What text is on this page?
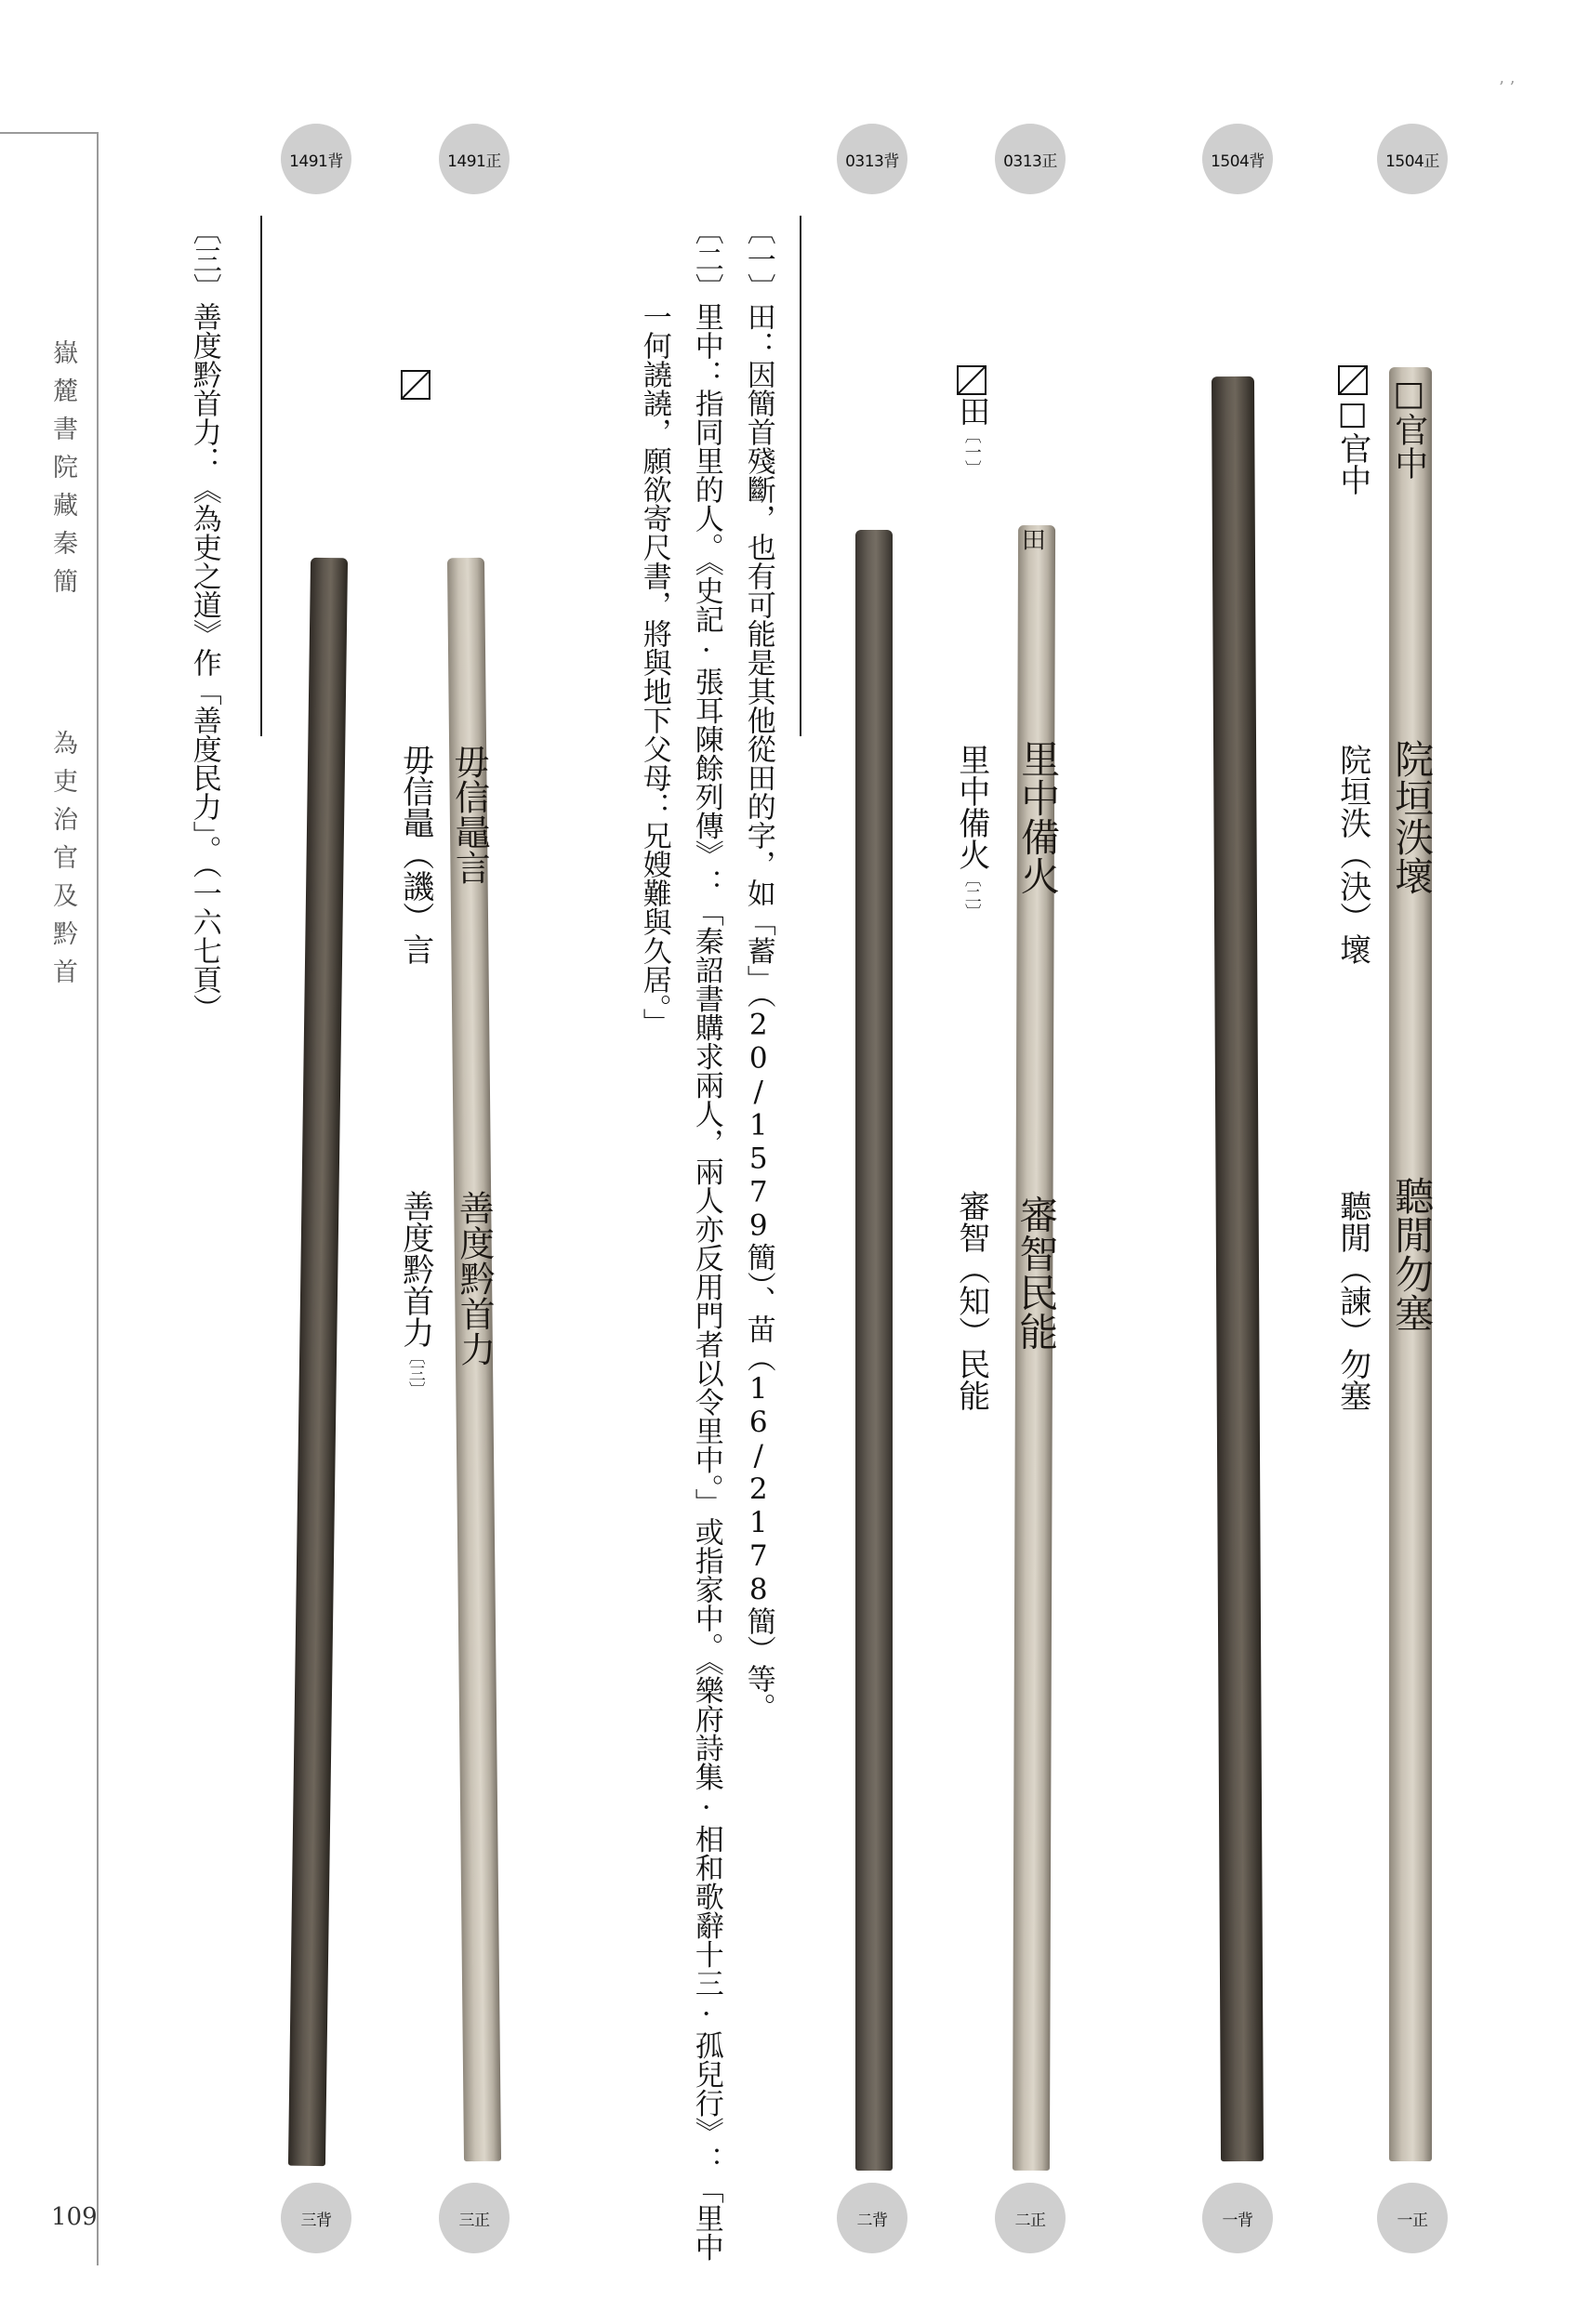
嶽麓書院藏秦簡
為吏治官及黔首
109
’ ’
1504正
1504背
0313正
0313背
1491正
1491背
一正
一背
二正
二背
三正
三背
□官中
院垣泆壞
聽閒勿塞
田
里中備火
審智民能
毋信鼂言
善度黔首力
□官中
院垣泆（決）壞
聽閒（諫）勿塞
田〔一〕
里中備火〔二〕
審智（知）民能
毋信鼂（譏）言
善度黔首力〔三〕
〔一〕田：因簡首殘斷，也有可能是其他從田的字，如「蓄」（20/1579簡）、苗（16/2178簡）等。
〔二〕里中：指同里的人。《史記·張耳陳餘列傳》：「秦詔書購求兩人，兩人亦反用門者以令里中。」或指家中。《樂府詩集·相和歌辭十三·孤兒行》：「里中
一何譊譊，願欲寄尺書，將與地下父母：兄嫂難與久居。」
〔三〕善度黔首力：《為吏之道》作「善度民力」。（一六七頁）
